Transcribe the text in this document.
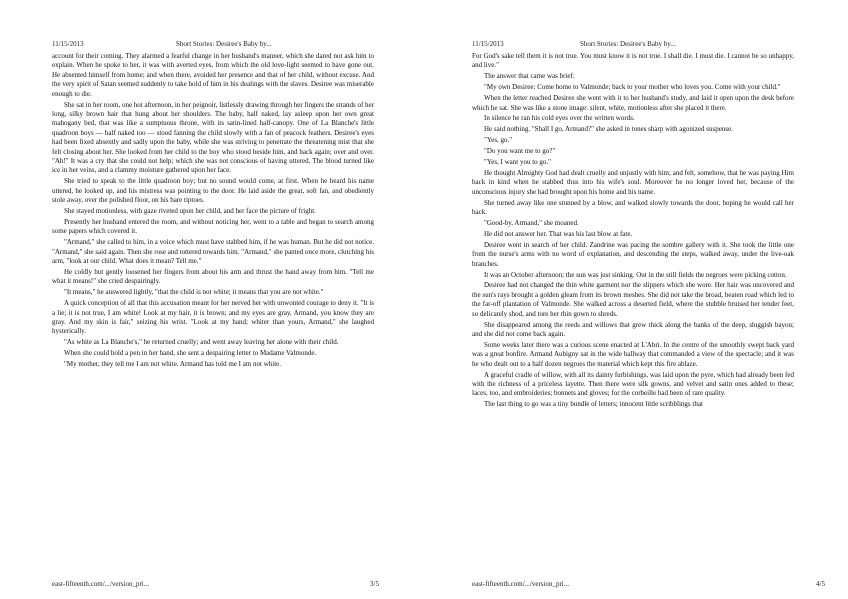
11/15/2013	Short Stories: Desiree's Baby by...

account for their coming. They alarmed a fearful change in her husband's manner, which she dared not ask him to explain. When he spoke to her, it was with averted eyes, from which the old love-light seemed to have gone out. He absented himself from home; and when there, avoided her presence and that of her child, without excuse. And the very spirit of Satan seemed suddenly to take hold of him in his dealings with the slaves. Desiree was miserable enough to die.

She sat in her room, one hot afternoon, in her peignoir, listlessly drawing through her fingers the strands of her long, silky brown hair that hung about her shoulders. The baby, half naked, lay asleep upon her own great mahogany bed, that was like a sumptuous throne, with its satin-lined half-canopy. One of La Blanche's little quadroon boys — half naked too — stood fanning the child slowly with a fan of peacock feathers. Desiree's eyes had been fixed absently and sadly upon the baby, while she was striving to penetrate the threatening mist that she felt closing about her. She looked from her child to the boy who stood beside him, and back again; over and over. "Ah!" It was a cry that she could not help; which she was not conscious of having uttered. The blood turned like ice in her veins, and a clammy moisture gathered upon her face.

She tried to speak to the little quadroon boy; but no sound would come, at first. When he heard his name uttered, he looked up, and his mistress was pointing to the door. He laid aside the great, soft fan, and obediently stole away, over the polished floor, on his bare tiptoes.

She stayed motionless, with gaze riveted upon her child, and her face the picture of fright.

Presently her husband entered the room, and without noticing her, went to a table and began to search among some papers which covered it.

"Armand," she called to him, in a voice which must have stabbed him, if he was human. But he did not notice. "Armand," she said again. Then she rose and tottered towards him. "Armand," she panted once more, clutching his arm, "look at our child. What does it mean? Tell me."

He coldly but gently loosened her fingers from about his arm and thrust the hand away from him. "Tell me what it means!" she cried despairingly.

"It means," he answered lightly, "that the child is not white; it means that you are not white."

A quick conception of all that this accusation meant for her nerved her with unwonted courage to deny it. "It is a lie; it is not true, I am white! Look at my hair, it is brown; and my eyes are gray, Armand, you know they are gray. And my skin is fair," seizing his wrist. "Look at my hand; whiter than yours, Armand," she laughed hysterically.

"As white as La Blanche's," he returned cruelly; and went away leaving her alone with their child.

When she could hold a pen in her hand, she sent a despairing letter to Madame Valmonde.

"My mother, they tell me I am not white. Armand has told me I am not white.

east-fifteenth.com/.../version_pri...	3/5
11/15/2013	Short Stories: Desiree's Baby by...

For God's sake tell them it is not true. You must know it is not true. I shall die. I must die. I cannot be so unhappy, and live."

The answer that came was brief:

"My own Desiree: Come home to Valmonde; back to your mother who loves you. Come with your child."

When the letter reached Desiree she went with it to her husband's study, and laid it open upon the desk before which he sat. She was like a stone image: silent, white, motionless after she placed it there.

In silence he ran his cold eyes over the written words.

He said nothing. "Shall I go, Armand?" she asked in tones sharp with agonized suspense.

"Yes, go."

"Do you want me to go?"

"Yes, I want you to go."

He thought Almighty God had dealt cruelly and unjustly with him; and felt, somehow, that he was paying Him back in kind when he stabbed thus into his wife's soul. Moreover he no longer loved her, because of the unconscious injury she had brought upon his home and his name.

She turned away like one stunned by a blow, and walked slowly towards the door, hoping he would call her back.

"Good-by, Armand," she moaned.

He did not answer her. That was his last blow at fate.

Desiree went in search of her child. Zandrine was pacing the sombre gallery with it. She took the little one from the nurse's arms with no word of explanation, and descending the steps, walked away, under the live-oak branches.

It was an October afternoon; the sun was just sinking. Out in the still fields the negroes were picking cotton.

Desiree had not changed the thin white garment nor the slippers which she wore. Her hair was uncovered and the sun's rays brought a golden gleam from its brown meshes. She did not take the broad, beaten road which led to the far-off plantation of Valmonde. She walked across a deserted field, where the stubble bruised her tender feet, so delicately shod, and tore her thin gown to shreds.

She disappeared among the reeds and willows that grew thick along the banks of the deep, sluggish bayou; and she did not come back again.

Some weeks later there was a curious scene enacted at L'Abri. In the centre of the smoothly swept back yard was a great bonfire. Armand Aubigny sat in the wide hallway that commanded a view of the spectacle; and it was he who dealt out to a half dozen negroes the material which kept this fire ablaze.

A graceful cradle of willow, with all its dainty furbishings, was laid upon the pyre, which had already been fed with the richness of a priceless layette. Then there were silk gowns, and velvet and satin ones added to these; laces, too, and embroideries; bonnets and gloves; for the corbeille had been of rare quality.

The last thing to go was a tiny bundle of letters; innocent little scribblings that

east-fifteenth.com/.../version_pri...	4/5
